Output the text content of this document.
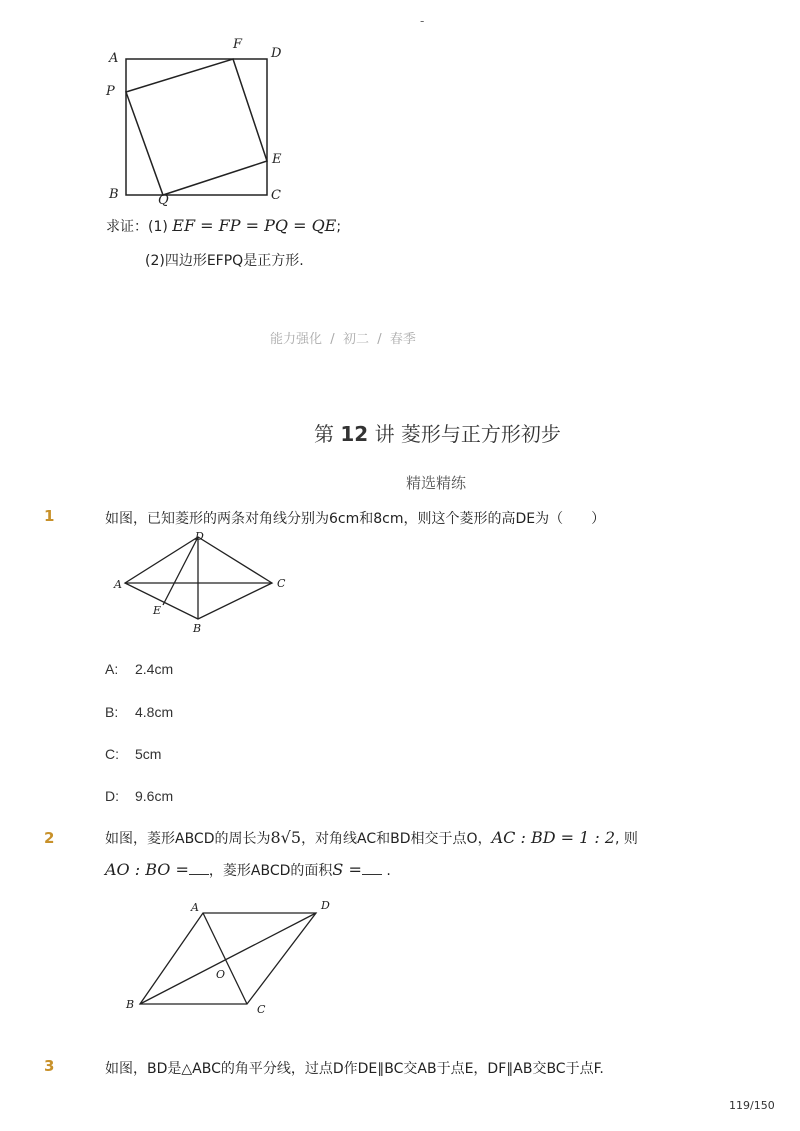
-
A
F
D
P
E
B	Q	C
求证：(1) EF = FP = PQ = QE;
(2)四边形EFPQ是正方形.
能力强化 / 初二 / 春季
第 12 讲 菱形与正方形初步
精选精练
1	如图，已知菱形的两条对角线分别为6cm和8cm，则这个菱形的高DE为（　　）
D
A	C
E
B
A: 2.4cm
B: 4.8cm
C: 5cm
D: 9.6cm
2	如图，菱形ABCD的周长为8√5，对角线AC和BD相交于点O，AC : BD = 1 : 2, 则
AO : BO = ，菱形ABCD的面积S = .
A	D
O
B	C
3	如图，BD是△ABC的角平分线，过点D作DE∥BC交AB于点E，DF∥AB交BC于点F.
119/150
